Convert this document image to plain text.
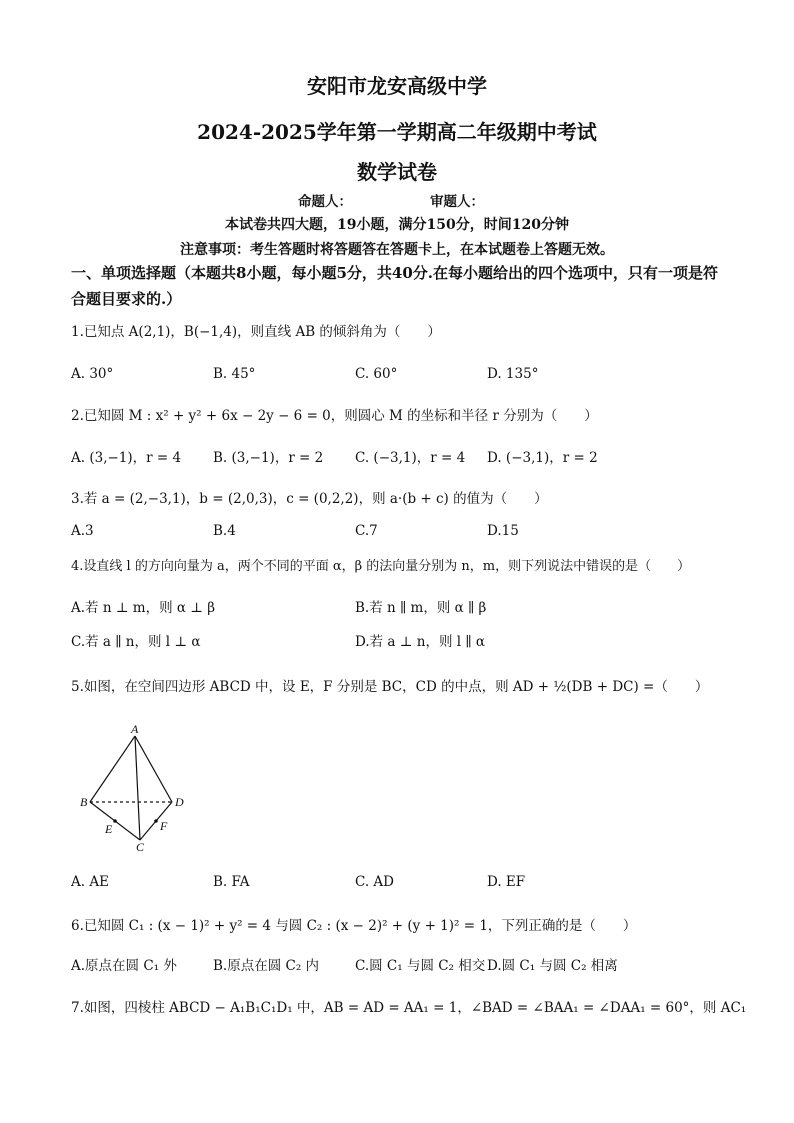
安阳市龙安高级中学
2024-2025学年第一学期高二年级期中考试
数学试卷
命题人：	审题人：
本试卷共四大题，19小题，满分150分，时间120分钟
注意事项：考生答题时将答题答在答题卡上，在本试题卷上答题无效。
一、单项选择题（本题共8小题，每小题5分，共40分.在每小题给出的四个选项中，只有一项是符合题目要求的.）
1.已知点 A(2,1)，B(−1,4)，则直线 AB 的倾斜角为（　　）
A. 30°	B. 45°	C. 60°	D. 135°
2.已知圆 M : x² + y² + 6x − 2y − 6 = 0，则圆心 M 的坐标和半径 r 分别为（　　）
A. (3,−1)，r = 4 B. (3,−1)，r = 2 C. (−3,1)，r = 4 D. (−3,1)，r = 2
3.若 a = (2,−3,1)，b = (2,0,3)，c = (0,2,2)，则 a·(b + c) 的值为（　　）
A.3	B.4	C.7	D.15
4.设直线 l 的方向向量为 a，两个不同的平面 α，β 的法向量分别为 n，m，则下列说法中错误的是（　　）
A.若 n ⊥ m，则 α ⊥ β	B.若 n ∥ m，则 α ∥ β
C.若 a ∥ n，则 l ⊥ α	D.若 a ⊥ n，则 l ∥ α
5.如图，在空间四边形 ABCD 中，设 E，F 分别是 BC，CD 的中点，则 AD + ½(DB + DC) =（　　）
A
B
C
D
E	F
A. AE	B. FA	C. AD	D. EF
6.已知圆 C₁ : (x − 1)² + y² = 4 与圆 C₂ : (x − 2)² + (y + 1)² = 1，下列正确的是（　　）
A.原点在圆 C₁ 外	B.原点在圆 C₂ 内	C.圆 C₁ 与圆 C₂ 相交 D.圆 C₁ 与圆 C₂ 相离
7.如图，四棱柱 ABCD − A₁B₁C₁D₁ 中，AB = AD = AA₁ = 1，∠BAD = ∠BAA₁ = ∠DAA₁ = 60°，则 AC₁
